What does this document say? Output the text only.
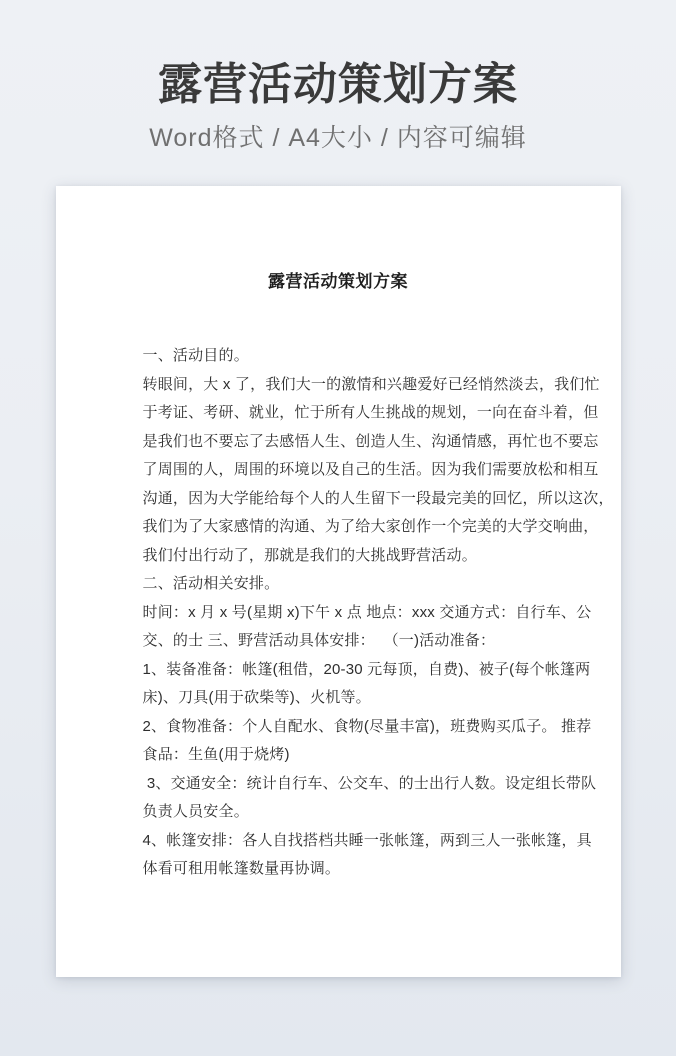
露营活动策划方案
Word格式 / A4大小 / 内容可编辑
露营活动策划方案
一、活动目的。
转眼间，大 x 了，我们大一的激情和兴趣爱好已经悄然淡去，我们忙
于考证、考研、就业，忙于所有人生挑战的规划，一向在奋斗着，但
是我们也不要忘了去感悟人生、创造人生、沟通情感，再忙也不要忘
了周围的人，周围的环境以及自己的生活。因为我们需要放松和相互
沟通，因为大学能给每个人的人生留下一段最完美的回忆，所以这次，
我们为了大家感情的沟通、为了给大家创作一个完美的大学交响曲，
我们付出行动了，那就是我们的大挑战野营活动。
二、活动相关安排。
时间：x 月 x 号(星期 x)下午 x 点 地点：xxx 交通方式：自行车、公
交、的士 三、野营活动具体安排：  （一)活动准备：
1、装备准备：帐篷(租借，20-30 元每顶，自费)、被子(每个帐篷两
床)、刀具(用于砍柴等)、火机等。
2、食物准备：个人自配水、食物(尽量丰富)，班费购买瓜子。 推荐
食品：生鱼(用于烧烤)
3、交通安全：统计自行车、公交车、的士出行人数。设定组长带队
负责人员安全。
4、帐篷安排：各人自找搭档共睡一张帐篷，两到三人一张帐篷，具
体看可租用帐篷数量再协调。
